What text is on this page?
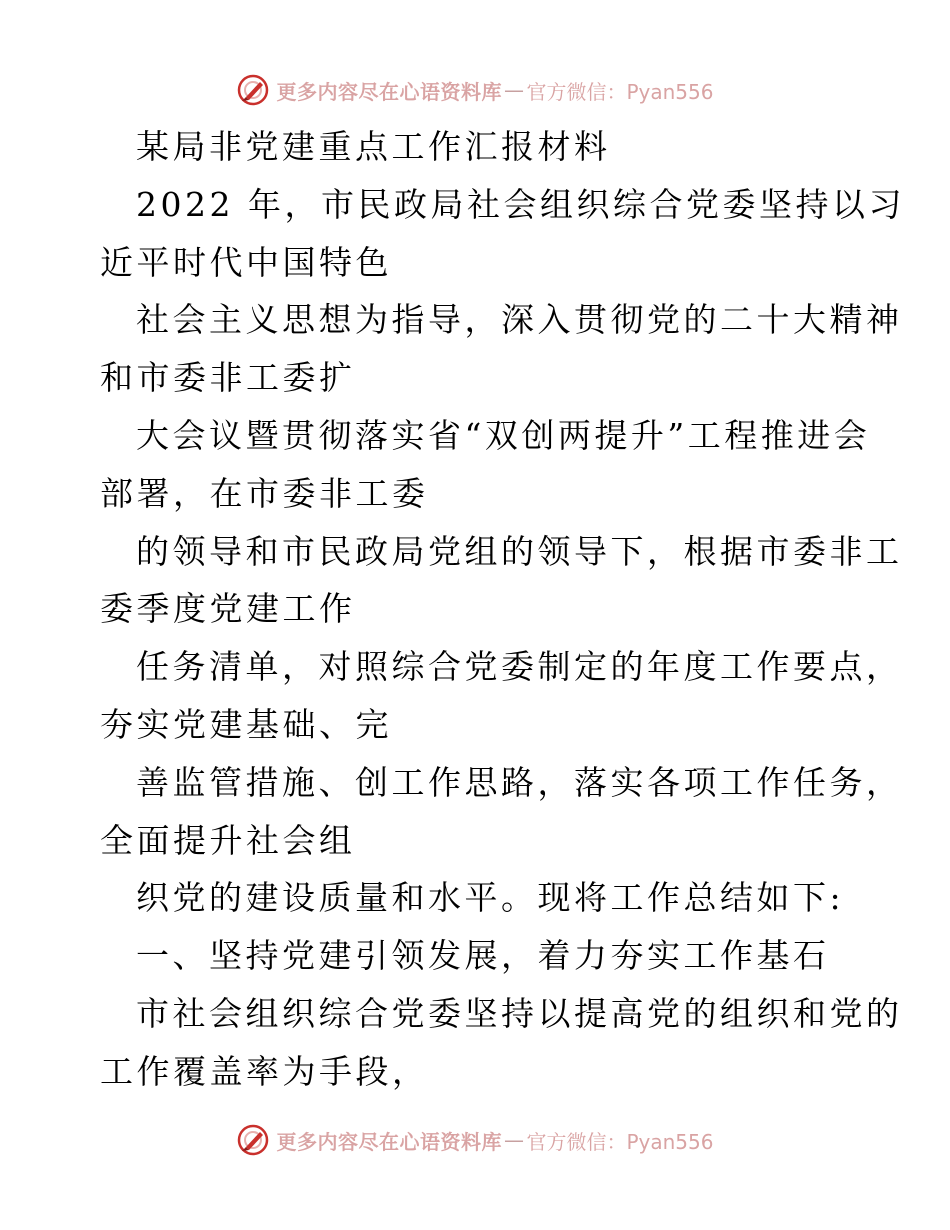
更多内容尽在心语资料库 — 官方微信：Pyan556
某局非党建重点工作汇报材料
2022 年，市民政局社会组织综合党委坚持以习
近平时代中国特色
社会主义思想为指导，深入贯彻党的二十大精神
和市委非工委扩
大会议暨贯彻落实省“双创两提升”工程推进会
部署，在市委非工委
的领导和市民政局党组的领导下，根据市委非工
委季度党建工作
任务清单，对照综合党委制定的年度工作要点，
夯实党建基础、完
善监管措施、创工作思路，落实各项工作任务，
全面提升社会组
织党的建设质量和水平。现将工作总结如下:
一、坚持党建引领发展，着力夯实工作基石
市社会组织综合党委坚持以提高党的组织和党的
工作覆盖率为手段，
更多内容尽在心语资料库 — 官方微信：Pyan556
